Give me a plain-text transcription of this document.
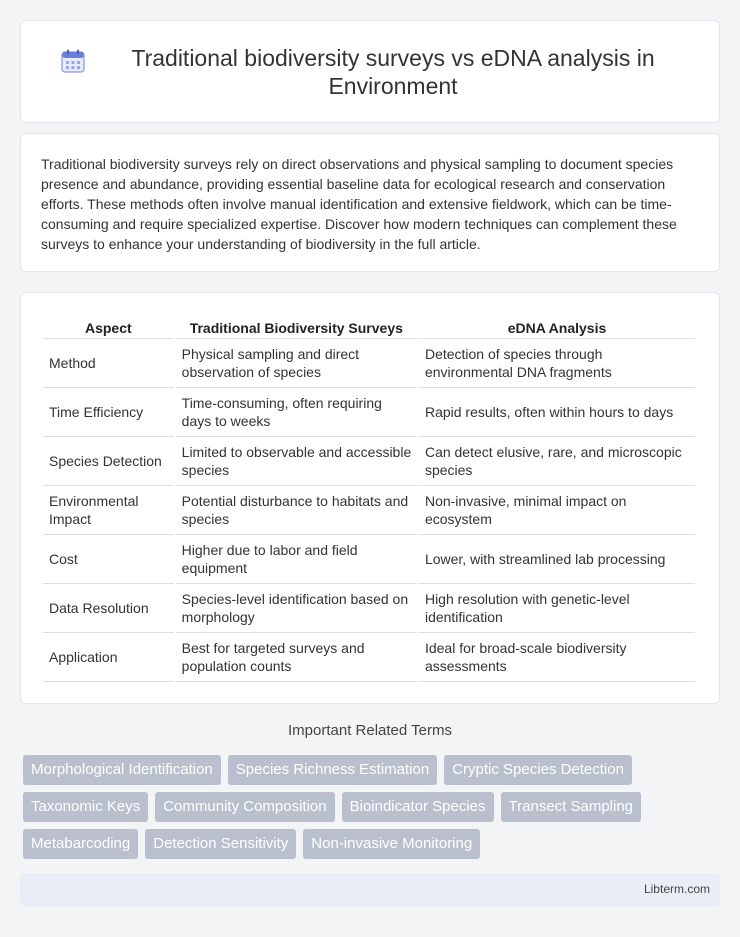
Traditional biodiversity surveys vs eDNA analysis in Environment

Traditional biodiversity surveys rely on direct observations and physical sampling to document species presence and abundance, providing essential baseline data for ecological research and conservation efforts. These methods often involve manual identification and extensive fieldwork, which can be time-consuming and require specialized expertise. Discover how modern techniques can complement these surveys to enhance your understanding of biodiversity in the full article.

Aspect	Traditional Biodiversity Surveys	eDNA Analysis
Method	Physical sampling and direct observation of species	Detection of species through environmental DNA fragments
Time Efficiency	Time-consuming, often requiring days to weeks	Rapid results, often within hours to days
Species Detection	Limited to observable and accessible species	Can detect elusive, rare, and microscopic species
Environmental Impact	Potential disturbance to habitats and species	Non-invasive, minimal impact on ecosystem
Cost	Higher due to labor and field equipment	Lower, with streamlined lab processing
Data Resolution	Species-level identification based on morphology	High resolution with genetic-level identification
Application	Best for targeted surveys and population counts	Ideal for broad-scale biodiversity assessments
Important Related Terms
Morphological Identification	Species Richness Estimation	Cryptic Species Detection
Taxonomic Keys	Community Composition	Bioindicator Species	Transect Sampling
Metabarcoding	Detection Sensitivity	Non-invasive Monitoring
Libterm.com
